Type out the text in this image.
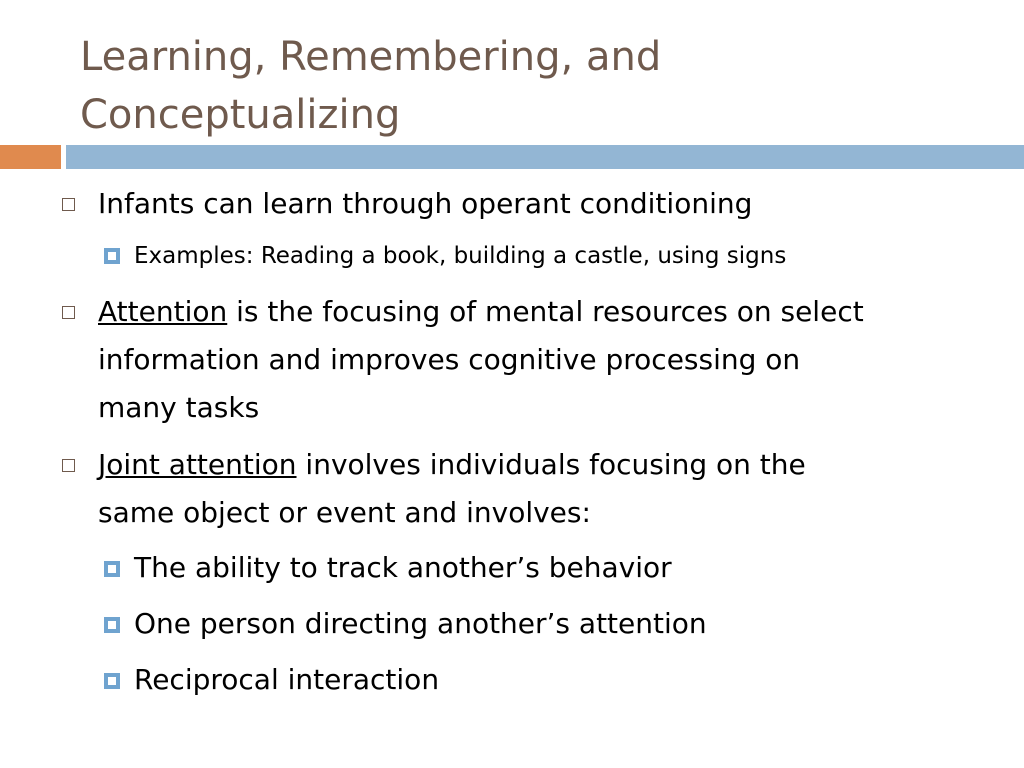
Learning, Remembering, and
Conceptualizing
Infants can learn through operant conditioning
Examples: Reading a book, building a castle, using signs
Attention is the focusing of mental resources on select
information and improves cognitive processing on
many tasks
Joint attention involves individuals focusing on the
same object or event and involves:
The ability to track another’s behavior
One person directing another’s attention
Reciprocal interaction
